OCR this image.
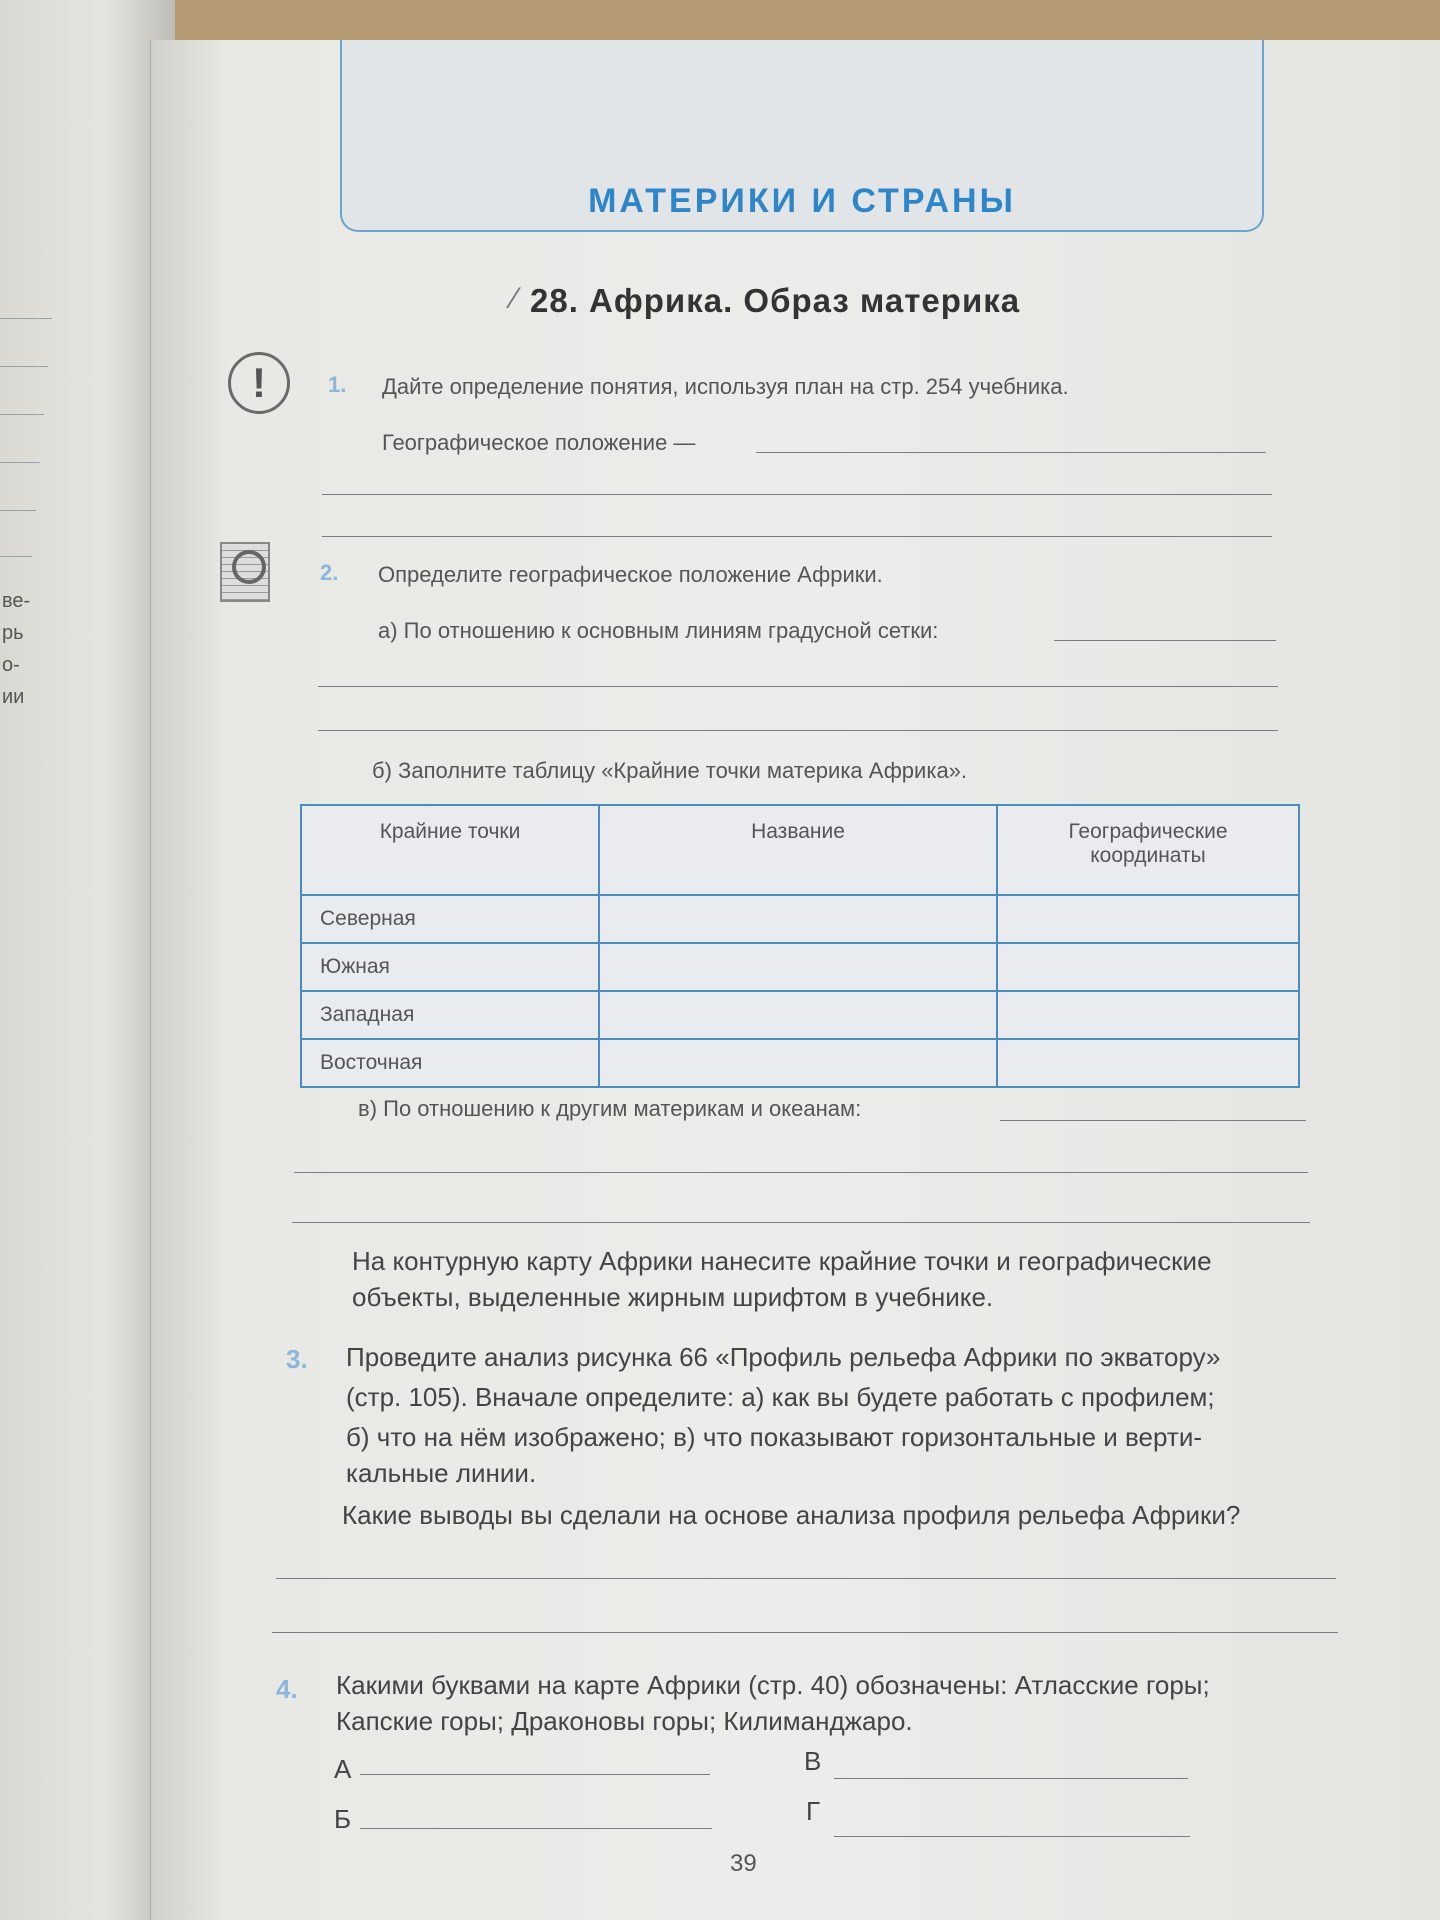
ве-
рь
о-
ии
МАТЕРИКИ И СТРАНЫ
⁄ 28. Африка. Образ материка
!	1. Дайте определение понятия, используя план на стр. 254 учебника.
Географическое положение —
2. Определите географическое положение Африки.
а) По отношению к основным линиям градусной сетки:
б) Заполните таблицу «Крайние точки материка Африка».
Крайние точки	Название	Географические координаты
Северная		
Южная		
Западная		
Восточная		
в) По отношению к другим материкам и океанам:
На контурную карту Африки нанесите крайние точки и географические
объекты, выделенные жирным шрифтом в учебнике.
3. Проведите анализ рисунка 66 «Профиль рельефа Африки по экватору»
(стр. 105). Вначале определите: а) как вы будете работать с профилем;
б) что на нём изображено; в) что показывают горизонтальные и верти-
кальные линии.
Какие выводы вы сделали на основе анализа профиля рельефа Африки?
4. Какими буквами на карте Африки (стр. 40) обозначены: Атласские горы;
Капские горы; Драконовы горы; Килиманджаро.
А	В
Б	Г
39
